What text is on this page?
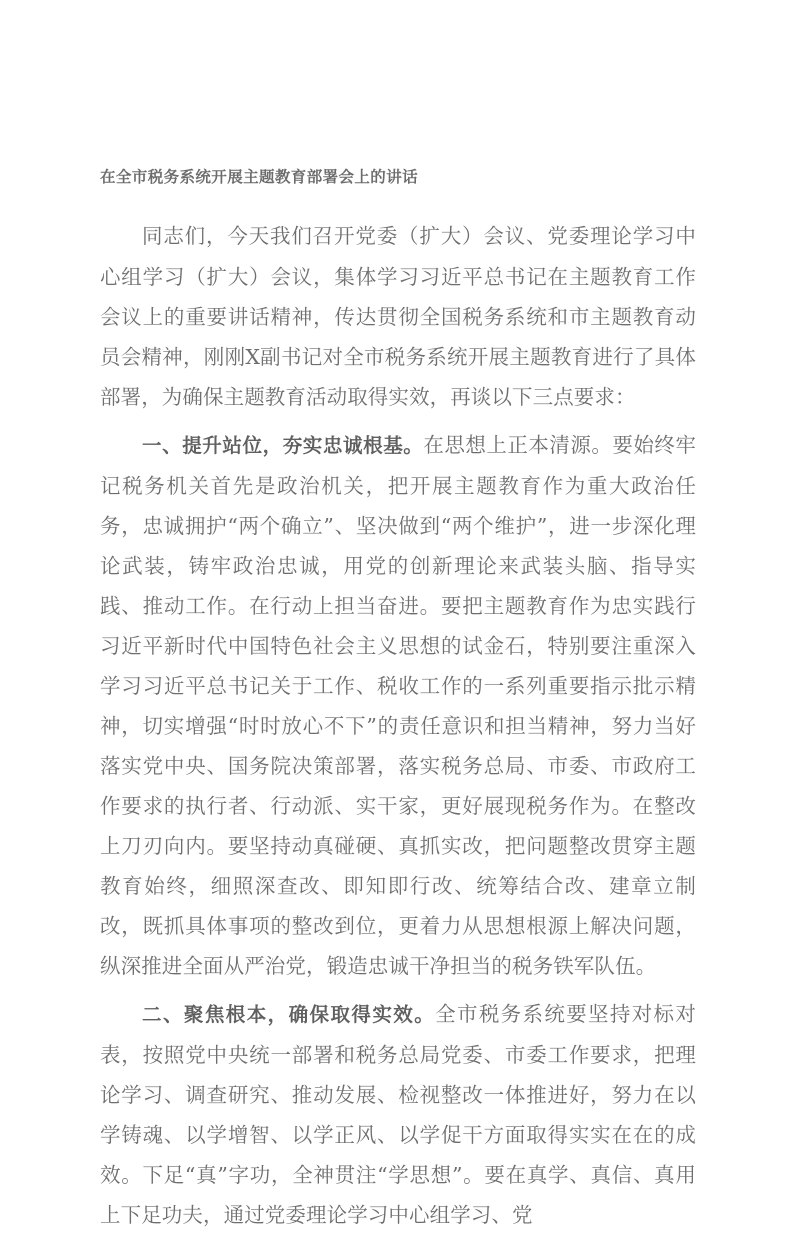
在全市税务系统开展主题教育部署会上的讲话

同志们，今天我们召开党委（扩大）会议、党委理论学习中心组学习（扩大）会议，集体学习习近平总书记在主题教育工作会议上的重要讲话精神，传达贯彻全国税务系统和市主题教育动员会精神，刚刚X副书记对全市税务系统开展主题教育进行了具体部署，为确保主题教育活动取得实效，再谈以下三点要求：

一、提升站位，夯实忠诚根基。在思想上正本清源。要始终牢记税务机关首先是政治机关，把开展主题教育作为重大政治任务，忠诚拥护“两个确立”、坚决做到“两个维护”，进一步深化理论武装，铸牢政治忠诚，用党的创新理论来武装头脑、指导实践、推动工作。在行动上担当奋进。要把主题教育作为忠实践行习近平新时代中国特色社会主义思想的试金石，特别要注重深入学习习近平总书记关于工作、税收工作的一系列重要指示批示精神，切实增强“时时放心不下”的责任意识和担当精神，努力当好落实党中央、国务院决策部署，落实税务总局、市委、市政府工作要求的执行者、行动派、实干家，更好展现税务作为。在整改上刀刃向内。要坚持动真碰硬、真抓实改，把问题整改贯穿主题教育始终，细照深查改、即知即行改、统筹结合改、建章立制改，既抓具体事项的整改到位，更着力从思想根源上解决问题，纵深推进全面从严治党，锻造忠诚干净担当的税务铁军队伍。

二、聚焦根本，确保取得实效。全市税务系统要坚持对标对表，按照党中央统一部署和税务总局党委、市委工作要求，把理论学习、调查研究、推动发展、检视整改一体推进好，努力在以学铸魂、以学增智、以学正风、以学促干方面取得实实在在的成效。下足“真”字功，全神贯注“学思想”。要在真学、真信、真用上下足功夫，通过党委理论学习中心组学习、党
